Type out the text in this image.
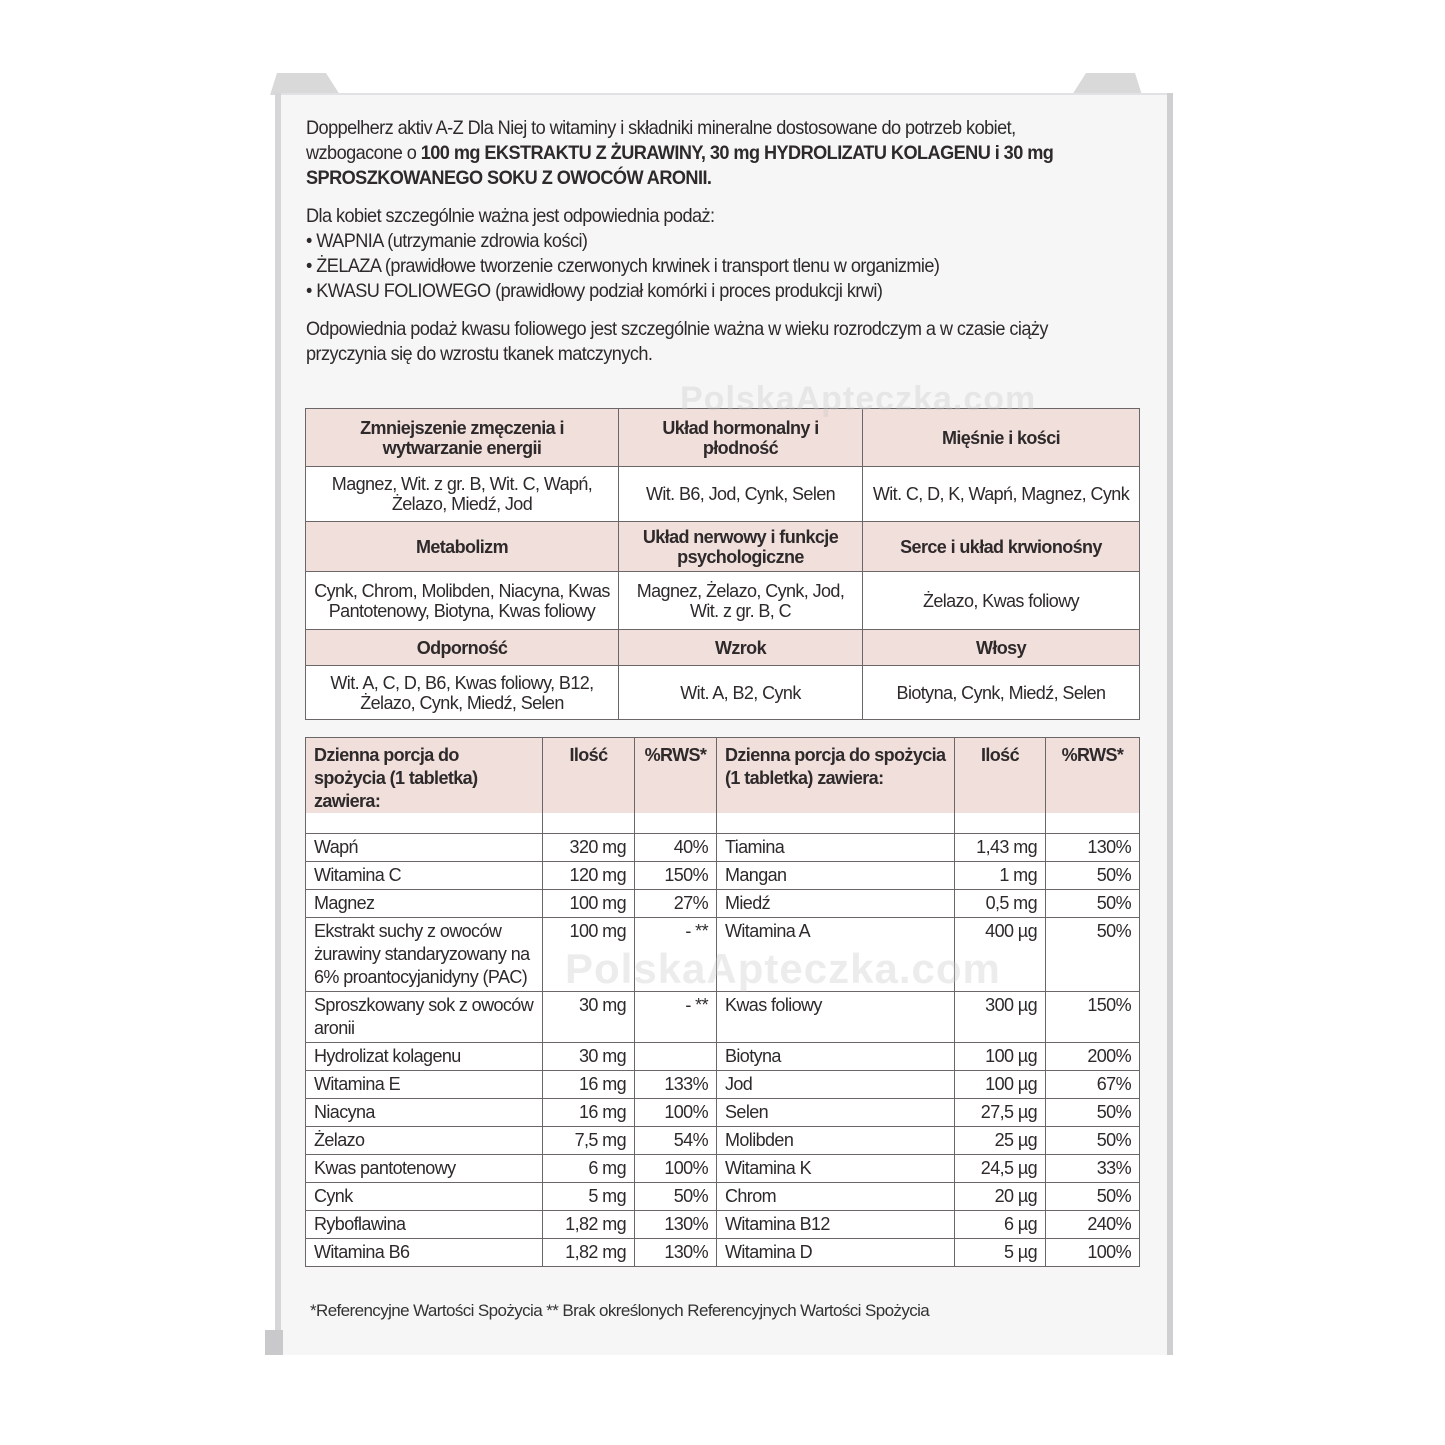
Doppelherz aktiv A-Z Dla Niej to witaminy i składniki mineralne dostosowane do potrzeb kobiet, wzbogacone o 100 mg EKSTRAKTU Z ŻURAWINY, 30 mg HYDROLIZATU KOLAGENU i 30 mg SPROSZKOWANEGO SOKU Z OWOCÓW ARONII.

Dla kobiet szczególnie ważna jest odpowiednia podaż:
• WAPNIA (utrzymanie zdrowia kości)
• ŻELAZA (prawidłowe tworzenie czerwonych krwinek i transport tlenu w organizmie)
• KWASU FOLIOWEGO (prawidłowy podział komórki i proces produkcji krwi)

Odpowiednia podaż kwasu foliowego jest szczególnie ważna w wieku rozrodczym a w czasie ciąży przyczynia się do wzrostu tkanek matczynych.

Zmniejszenie zmęczenia i wytwarzanie energii	Układ hormonalny i płodność	Mięśnie i kości
Magnez, Wit. z gr. B, Wit. C, Wapń, Żelazo, Miedź, Jod	Wit. B6, Jod, Cynk, Selen	Wit. C, D, K, Wapń, Magnez, Cynk
Metabolizm	Układ nerwowy i funkcje psychologiczne	Serce i układ krwionośny
Cynk, Chrom, Molibden, Niacyna, Kwas Pantotenowy, Biotyna, Kwas foliowy	Magnez, Żelazo, Cynk, Jod, Wit. z gr. B, C	Żelazo, Kwas foliowy
Odporność	Wzrok	Włosy
Wit. A, C, D, B6, Kwas foliowy, B12, Żelazo, Cynk, Miedź, Selen	Wit. A, B2, Cynk	Biotyna, Cynk, Miedź, Selen
Dzienna porcja do spożycia (1 tabletka) zawiera:	Ilość	%RWS*	Dzienna porcja do spożycia (1 tabletka) zawiera:	Ilość	%RWS*

Wapń	320 mg	40%	Tiamina	1,43 mg	130%
Witamina C	120 mg	150%	Mangan	1 mg	50%
Magnez	100 mg	27%	Miedź	0,5 mg	50%
Ekstrakt suchy z owoców żurawiny standaryzowany na 6% proantocyjanidyny (PAC)	100 mg	- **	Witamina A	400 µg	50%
Sproszkowany sok z owoców aronii	30 mg	- **	Kwas foliowy	300 µg	150%
Hydrolizat kolagenu	30 mg		Biotyna	100 µg	200%
Witamina E	16 mg	133%	Jod	100 µg	67%
Niacyna	16 mg	100%	Selen	27,5 µg	50%
Żelazo	7,5 mg	54%	Molibden	25 µg	50%
Kwas pantotenowy	6 mg	100%	Witamina K	24,5 µg	33%
Cynk	5 mg	50%	Chrom	20 µg	50%
Ryboflawina	1,82 mg	130%	Witamina B12	6 µg	240%
Witamina B6	1,82 mg	130%	Witamina D	5 µg	100%
*Referencyjne Wartości Spożycia ** Brak określonych Referencyjnych Wartości Spożycia
PolskaApteczka.com
PolskaApteczka.com
